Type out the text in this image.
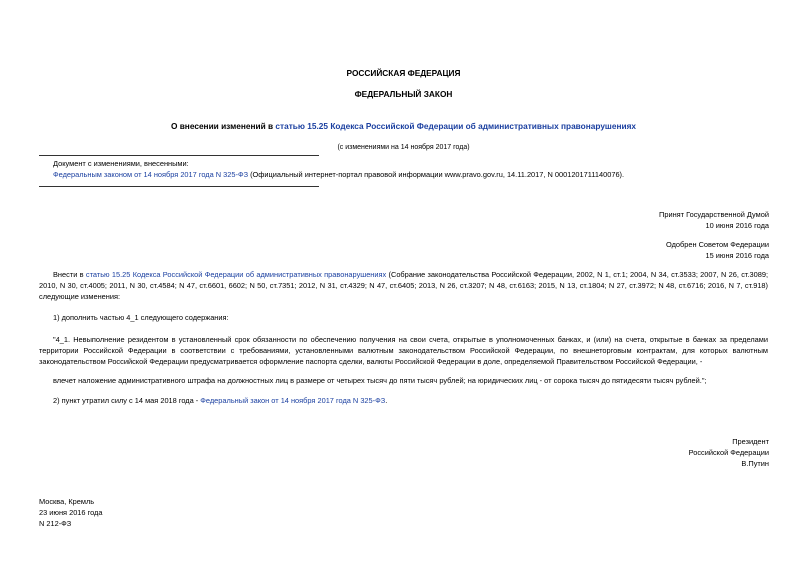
РОССИЙСКАЯ ФЕДЕРАЦИЯ
ФЕДЕРАЛЬНЫЙ ЗАКОН
О внесении изменений в статью 15.25 Кодекса Российской Федерации об административных правонарушениях
(с изменениями на 14 ноября 2017 года)
Документ с изменениями, внесенными:
Федеральным законом от 14 ноября 2017 года N 325-ФЗ (Официальный интернет-портал правовой информации www.pravo.gov.ru, 14.11.2017, N 0001201711140076).
Принят Государственной Думой
10 июня 2016 года
Одобрен Советом Федерации
15 июня 2016 года
Внести в статью 15.25 Кодекса Российской Федерации об административных правонарушениях (Собрание законодательства Российской Федерации, 2002, N 1, ст.1; 2004, N 34, ст.3533; 2007, N 26, ст.3089; 2010, N 30, ст.4005; 2011, N 30, ст.4584; N 47, ст.6601, 6602; N 50, ст.7351; 2012, N 31, ст.4329; N 47, ст.6405; 2013, N 26, ст.3207; N 48, ст.6163; 2015, N 13, ст.1804; N 27, ст.3972; N 48, ст.6716; 2016, N 7, ст.918) следующие изменения:
1) дополнить частью 4_1 следующего содержания:
"4_1. Невыполнение резидентом в установленный срок обязанности по обеспечению получения на свои счета, открытые в уполномоченных банках, и (или) на счета, открытые в банках за пределами территории Российской Федерации в соответствии с требованиями, установленными валютным законодательством Российской Федерации, по внешнеторговым контрактам, для которых валютным законодательством Российской Федерации предусматривается оформление паспорта сделки, валюты Российской Федерации в доле, определяемой Правительством Российской Федерации, -
влечет наложение административного штрафа на должностных лиц в размере от четырех тысяч до пяти тысяч рублей; на юридических лиц - от сорока тысяч до пятидесяти тысяч рублей.";
2) пункт утратил силу с 14 мая 2018 года - Федеральный закон от 14 ноября 2017 года N 325-ФЗ.
Президент
Российской Федерации
В.Путин
Москва, Кремль
23 июня 2016 года
N 212-ФЗ
